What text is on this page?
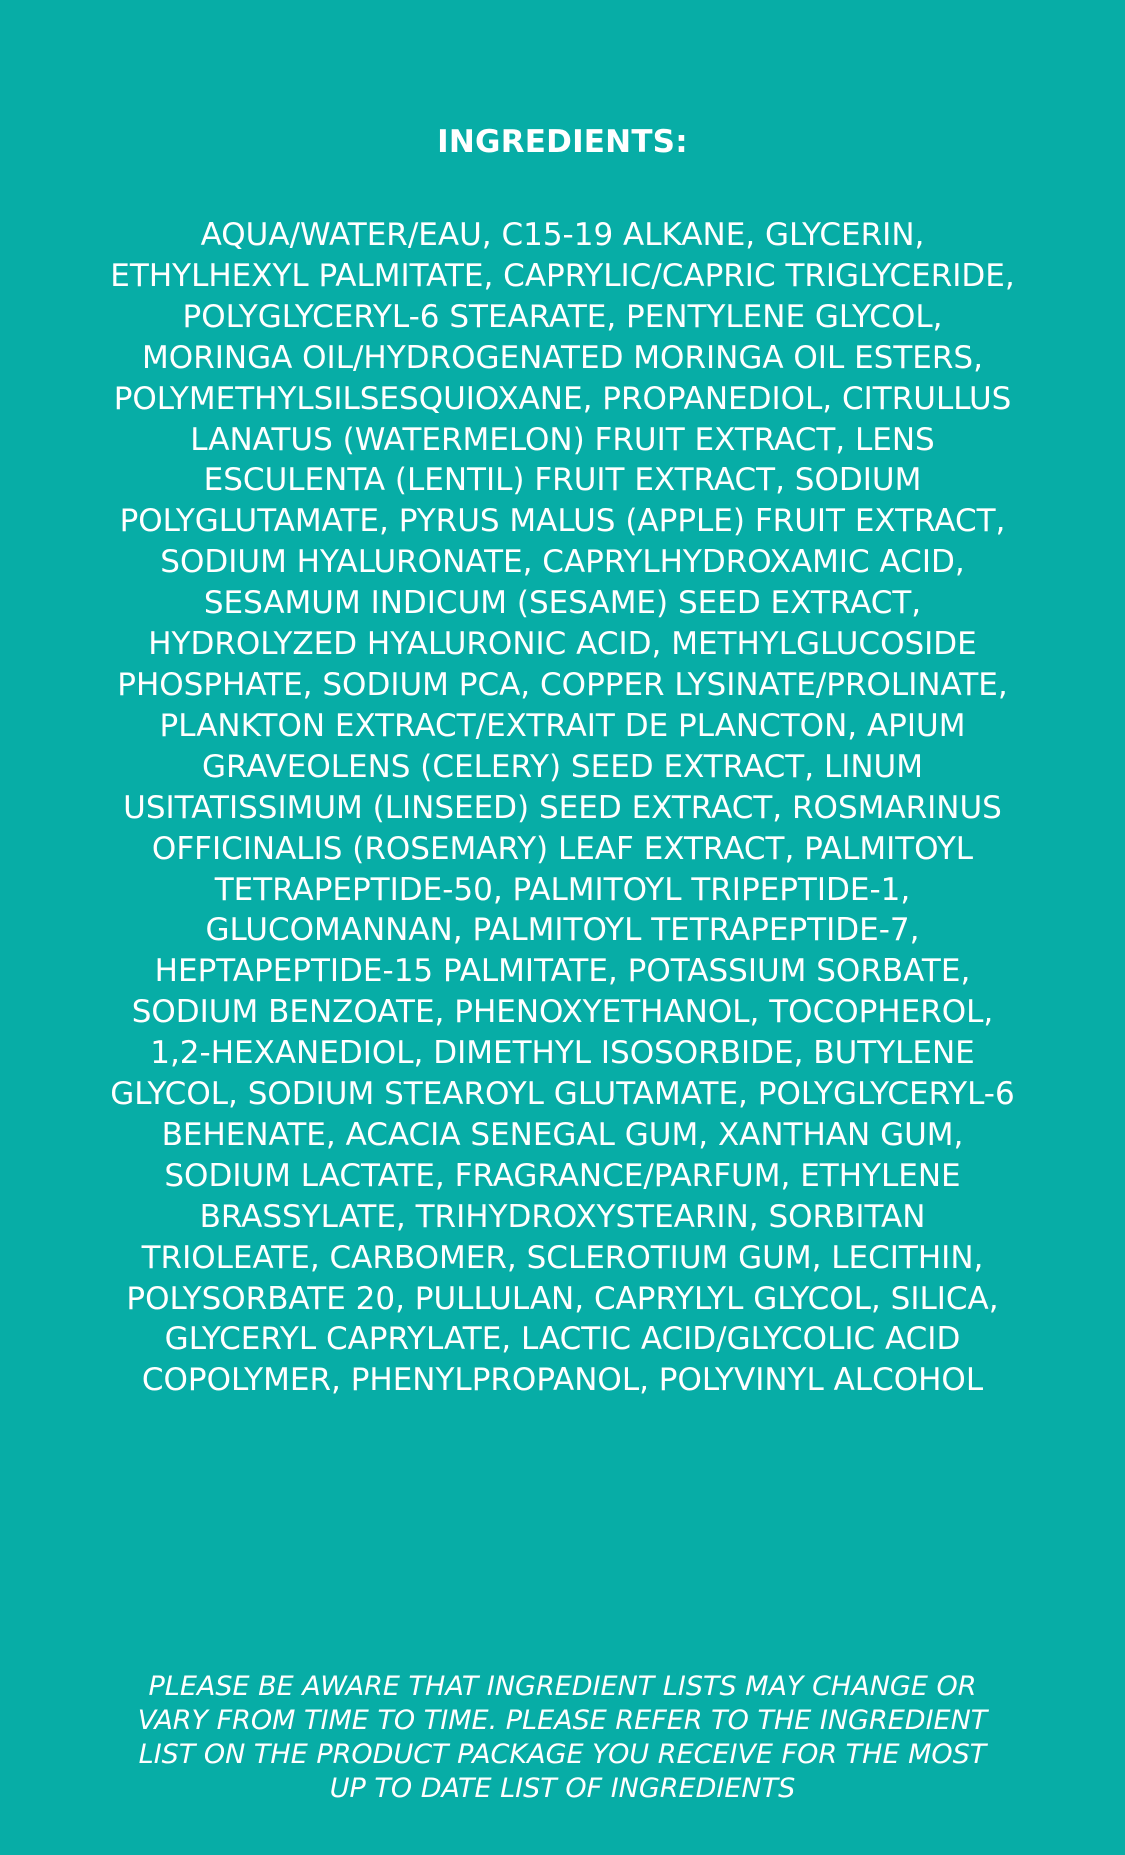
INGREDIENTS:

AQUA/WATER/EAU, C15-19 ALKANE, GLYCERIN, ETHYLHEXYL PALMITATE, CAPRYLIC/CAPRIC TRIGLYCERIDE, POLYGLYCERYL-6 STEARATE, PENTYLENE GLYCOL, MORINGA OIL/HYDROGENATED MORINGA OIL ESTERS, POLYMETHYLSILSESQUIOXANE, PROPANEDIOL, CITRULLUS LANATUS (WATERMELON) FRUIT EXTRACT, LENS ESCULENTA (LENTIL) FRUIT EXTRACT, SODIUM POLYGLUTAMATE, PYRUS MALUS (APPLE) FRUIT EXTRACT, SODIUM HYALURONATE, CAPRYLHYDROXAMIC ACID, SESAMUM INDICUM (SESAME) SEED EXTRACT, HYDROLYZED HYALURONIC ACID, METHYLGLUCOSIDE PHOSPHATE, SODIUM PCA, COPPER LYSINATE/PROLINATE, PLANKTON EXTRACT/EXTRAIT DE PLANCTON, APIUM GRAVEOLENS (CELERY) SEED EXTRACT, LINUM USITATISSIMUM (LINSEED) SEED EXTRACT, ROSMARINUS OFFICINALIS (ROSEMARY) LEAF EXTRACT, PALMITOYL TETRAPEPTIDE-50, PALMITOYL TRIPEPTIDE-1, GLUCOMANNAN, PALMITOYL TETRAPEPTIDE-7, HEPTAPEPTIDE-15 PALMITATE, POTASSIUM SORBATE, SODIUM BENZOATE, PHENOXYETHANOL, TOCOPHEROL, 1,2-HEXANEDIOL, DIMETHYL ISOSORBIDE, BUTYLENE GLYCOL, SODIUM STEAROYL GLUTAMATE, POLYGLYCERYL-6 BEHENATE, ACACIA SENEGAL GUM, XANTHAN GUM, SODIUM LACTATE, FRAGRANCE/PARFUM, ETHYLENE BRASSYLATE, TRIHYDROXYSTEARIN, SORBITAN TRIOLEATE, CARBOMER, SCLEROTIUM GUM, LECITHIN, POLYSORBATE 20, PULLULAN, CAPRYLYL GLYCOL, SILICA, GLYCERYL CAPRYLATE, LACTIC ACID/GLYCOLIC ACID COPOLYMER, PHENYLPROPANOL, POLYVINYL ALCOHOL

PLEASE BE AWARE THAT INGREDIENT LISTS MAY CHANGE OR VARY FROM TIME TO TIME. PLEASE REFER TO THE INGREDIENT LIST ON THE PRODUCT PACKAGE YOU RECEIVE FOR THE MOST UP TO DATE LIST OF INGREDIENTS
